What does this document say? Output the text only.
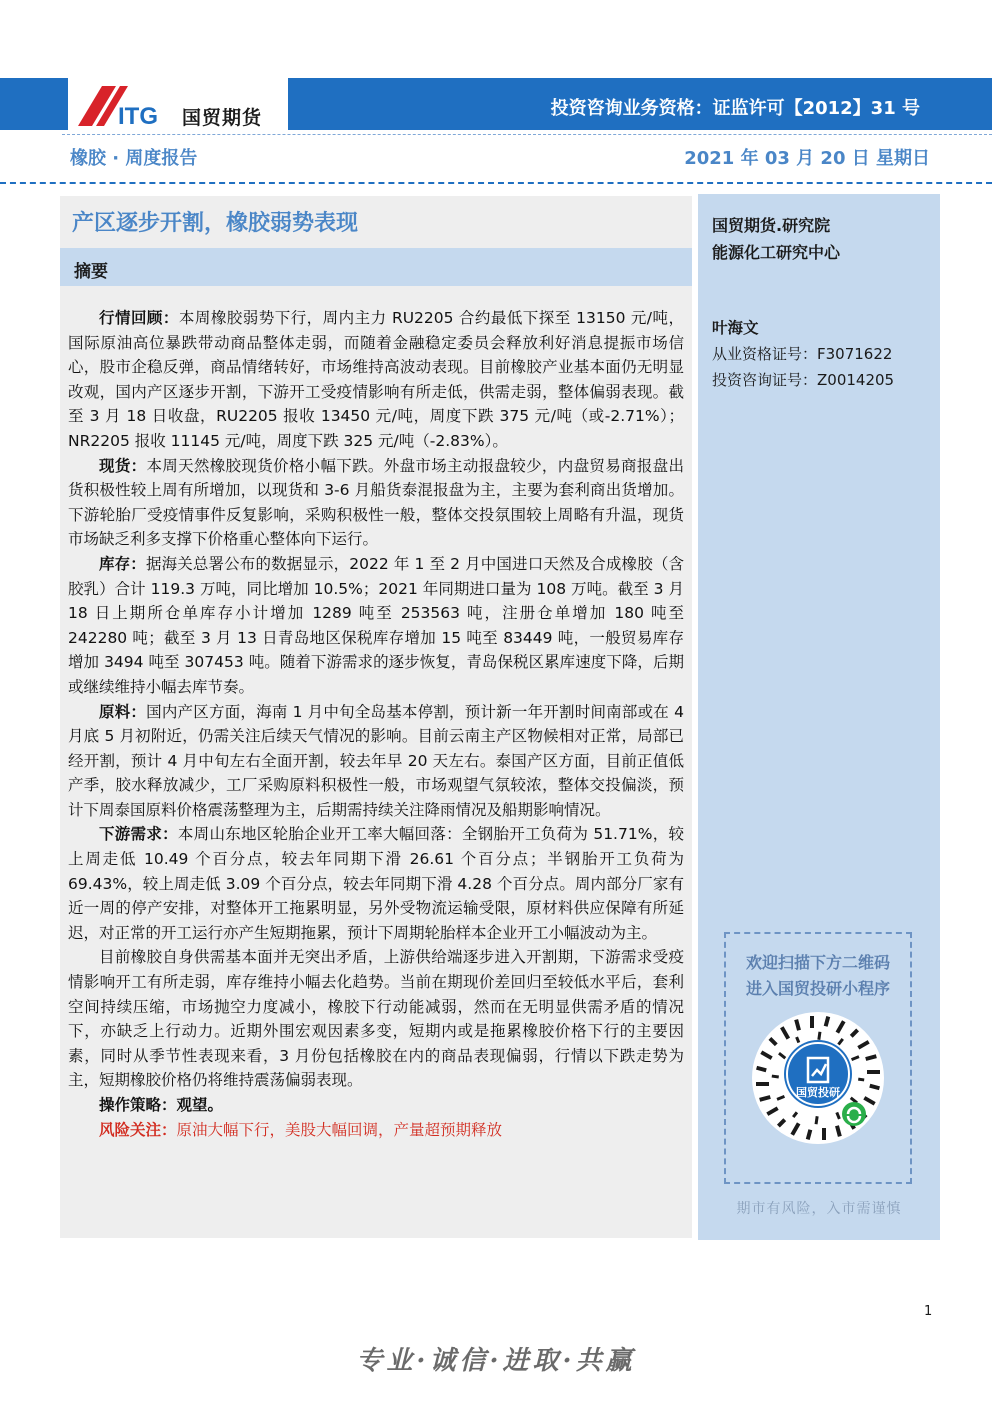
ITG 国贸期货	投资咨询业务资格：证监许可【2012】31 号
橡胶 · 周度报告	2021 年 03 月 20 日 星期日
产区逐步开割，橡胶弱势表现
摘要

行情回顾：本周橡胶弱势下行，周内主力 RU2205 合约最低下探至 13150 元/吨，国际原油高位暴跌带动商品整体走弱，而随着金融稳定委员会释放利好消息提振市场信心，股市企稳反弹，商品情绪转好，市场维持高波动表现。目前橡胶产业基本面仍无明显改观，国内产区逐步开割，下游开工受疫情影响有所走低，供需走弱，整体偏弱表现。截至 3 月 18 日收盘，RU2205 报收 13450 元/吨，周度下跌 375 元/吨（或-2.71%）；NR2205 报收 11145 元/吨，周度下跌 325 元/吨（-2.83%）。

现货：本周天然橡胶现货价格小幅下跌。外盘市场主动报盘较少，内盘贸易商报盘出货积极性较上周有所增加，以现货和 3-6 月船货泰混报盘为主，主要为套利商出货增加。下游轮胎厂受疫情事件反复影响，采购积极性一般，整体交投氛围较上周略有升温，现货市场缺乏利多支撑下价格重心整体向下运行。

库存：据海关总署公布的数据显示，2022 年 1 至 2 月中国进口天然及合成橡胶（含胶乳）合计 119.3 万吨，同比增加 10.5%；2021 年同期进口量为 108 万吨。截至 3 月 18 日上期所仓单库存小计增加 1289 吨至 253563 吨，注册仓单增加 180 吨至 242280 吨；截至 3 月 13 日青岛地区保税库存增加 15 吨至 83449 吨，一般贸易库存增加 3494 吨至 307453 吨。随着下游需求的逐步恢复，青岛保税区累库速度下降，后期或继续维持小幅去库节奏。

原料：国内产区方面，海南 1 月中旬全岛基本停割，预计新一年开割时间南部或在 4 月底 5 月初附近，仍需关注后续天气情况的影响。目前云南主产区物候相对正常，局部已经开割，预计 4 月中旬左右全面开割，较去年早 20 天左右。泰国产区方面，目前正值低产季，胶水释放减少，工厂采购原料积极性一般，市场观望气氛较浓，整体交投偏淡，预计下周泰国原料价格震荡整理为主，后期需持续关注降雨情况及船期影响情况。

下游需求：本周山东地区轮胎企业开工率大幅回落：全钢胎开工负荷为 51.71%，较上周走低 10.49 个百分点，较去年同期下滑 26.61 个百分点；半钢胎开工负荷为 69.43%，较上周走低 3.09 个百分点，较去年同期下滑 4.28 个百分点。周内部分厂家有近一周的停产安排，对整体开工拖累明显，另外受物流运输受限，原材料供应保障有所延迟，对正常的开工运行亦产生短期拖累，预计下周期轮胎样本企业开工小幅波动为主。

目前橡胶自身供需基本面并无突出矛盾，上游供给端逐步进入开割期，下游需求受疫情影响开工有所走弱，库存维持小幅去化趋势。当前在期现价差回归至较低水平后，套利空间持续压缩，市场抛空力度减小，橡胶下行动能减弱，然而在无明显供需矛盾的情况下，亦缺乏上行动力。近期外围宏观因素多变，短期内或是拖累橡胶价格下行的主要因素，同时从季节性表现来看，3 月份包括橡胶在内的商品表现偏弱，行情以下跌走势为主，短期橡胶价格仍将维持震荡偏弱表现。

操作策略：观望。

风险关注：原油大幅下行，美股大幅回调，产量超预期释放

国贸期货.研究院
能源化工研究中心
叶海文
从业资格证号：F3071622
投资咨询证号：Z0014205
欢迎扫描下方二维码
进入国贸投研小程序
国贸投研
期市有风险，入市需谨慎
1
专业·诚信·进取·共赢
